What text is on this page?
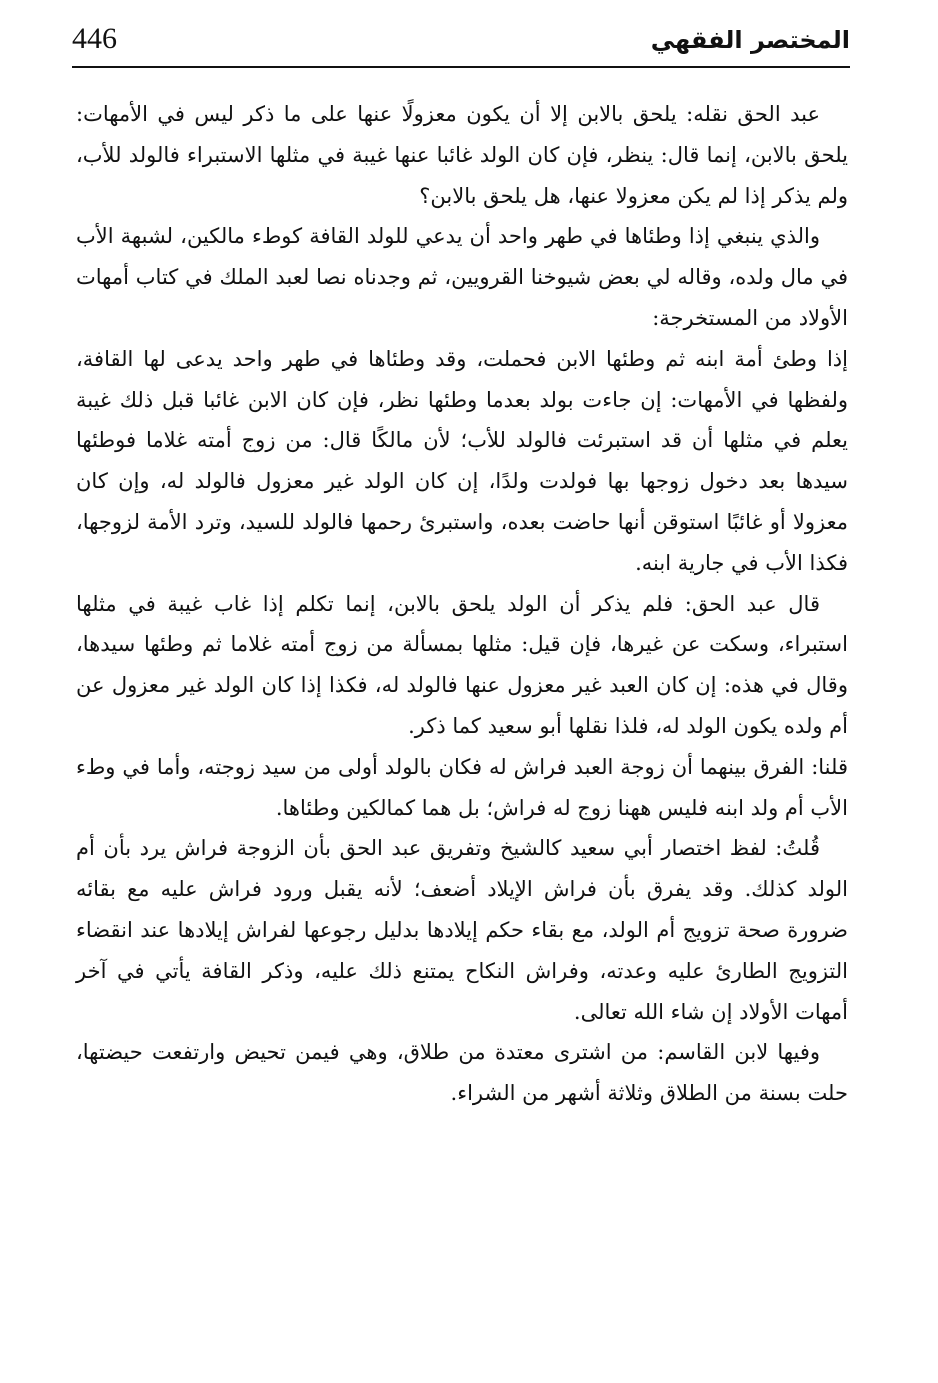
446	المختصر الفقهي

عبد الحق نقله: يلحق بالابن إلا أن يكون معزولًا عنها على ما ذكر ليس في الأمهات: يلحق بالابن، إنما قال: ينظر، فإن كان الولد غائبا عنها غيبة في مثلها الاستبراء فالولد للأب، ولم يذكر إذا لم يكن معزولا عنها، هل يلحق بالابن؟

والذي ينبغي إذا وطئاها في طهر واحد أن يدعي للولد القافة كوطء مالكين، لشبهة الأب في مال ولده، وقاله لي بعض شيوخنا القرويين، ثم وجدناه نصا لعبد الملك في كتاب أمهات الأولاد من المستخرجة:

إذا وطئ أمة ابنه ثم وطئها الابن فحملت، وقد وطئاها في طهر واحد يدعى لها القافة، ولفظها في الأمهات: إن جاءت بولد بعدما وطئها نظر، فإن كان الابن غائبا قبل ذلك غيبة يعلم في مثلها أن قد استبرئت فالولد للأب؛ لأن مالكًا قال: من زوج أمته غلاما فوطئها سيدها بعد دخول زوجها بها فولدت ولدًا، إن كان الولد غير معزول فالولد له، وإن كان معزولا أو غائبًا استوقن أنها حاضت بعده، واستبرئ رحمها فالولد للسيد، وترد الأمة لزوجها، فكذا الأب في جارية ابنه.

قال عبد الحق: فلم يذكر أن الولد يلحق بالابن، إنما تكلم إذا غاب غيبة في مثلها استبراء، وسكت عن غيرها، فإن قيل: مثلها بمسألة من زوج أمته غلاما ثم وطئها سيدها، وقال في هذه: إن كان العبد غير معزول عنها فالولد له، فكذا إذا كان الولد غير معزول عن أم ولده يكون الولد له، فلذا نقلها أبو سعيد كما ذكر.

قلنا: الفرق بينهما أن زوجة العبد فراش له فكان بالولد أولى من سيد زوجته، وأما في وطء الأب أم ولد ابنه فليس ههنا زوج له فراش؛ بل هما كمالكين وطئاها.

قُلتُ: لفظ اختصار أبي سعيد كالشيخ وتفريق عبد الحق بأن الزوجة فراش يرد بأن أم الولد كذلك. وقد يفرق بأن فراش الإيلاد أضعف؛ لأنه يقبل ورود فراش عليه مع بقائه ضرورة صحة تزويج أم الولد، مع بقاء حكم إيلادها بدليل رجوعها لفراش إيلادها عند انقضاء التزويج الطارئ عليه وعدته، وفراش النكاح يمتنع ذلك عليه، وذكر القافة يأتي في آخر أمهات الأولاد إن شاء الله تعالى.

وفيها لابن القاسم: من اشترى معتدة من طلاق، وهي فيمن تحيض وارتفعت حيضتها، حلت بسنة من الطلاق وثلاثة أشهر من الشراء.
